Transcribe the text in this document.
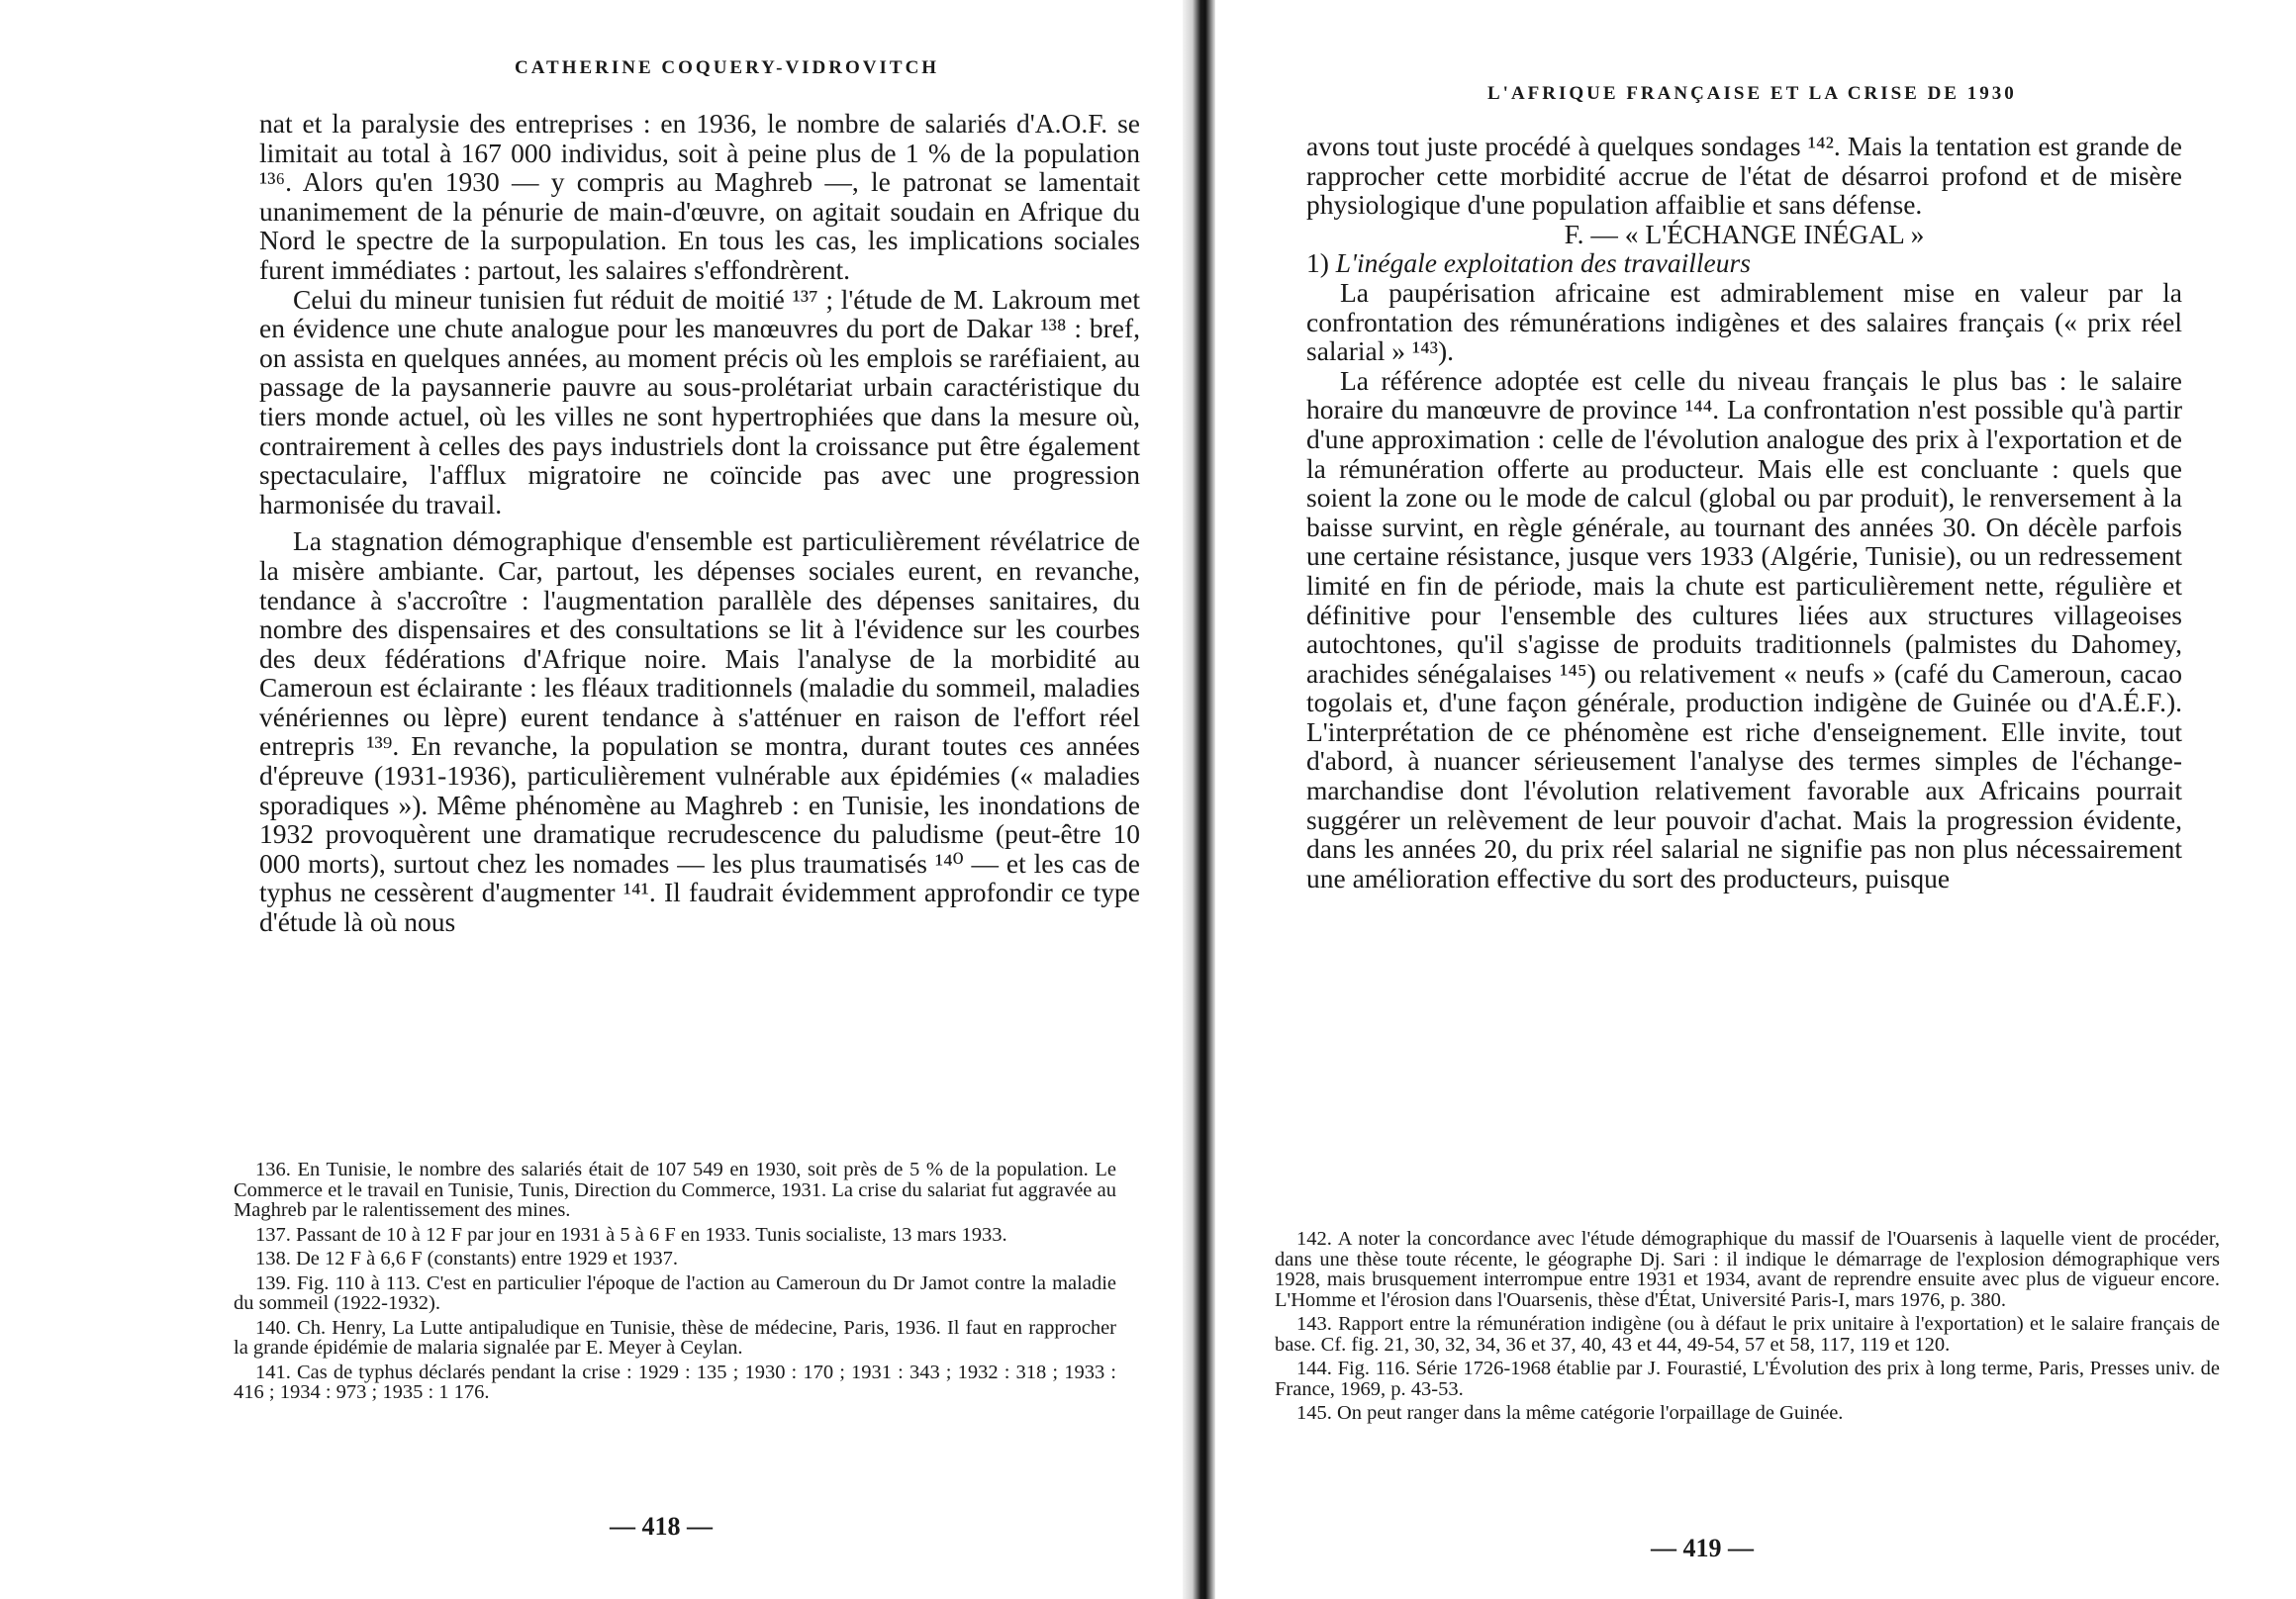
CATHERINE COQUERY-VIDROVITCH

nat et la paralysie des entreprises : en 1936, le nombre de salariés d'A.O.F. se limitait au total à 167 000 individus, soit à peine plus de 1 % de la population ¹³⁶. Alors qu'en 1930 — y compris au Maghreb —, le patronat se lamentait unanimement de la pénurie de main-d'œuvre, on agitait soudain en Afrique du Nord le spectre de la surpopulation. En tous les cas, les implications sociales furent immédiates : partout, les salaires s'effondrèrent.

Celui du mineur tunisien fut réduit de moitié ¹³⁷ ; l'étude de M. Lakroum met en évidence une chute analogue pour les manœuvres du port de Dakar ¹³⁸ : bref, on assista en quelques années, au moment précis où les emplois se raréfiaient, au passage de la paysannerie pauvre au sous-prolétariat urbain caractéristique du tiers monde actuel, où les villes ne sont hypertrophiées que dans la mesure où, contrairement à celles des pays industriels dont la croissance put être également spectaculaire, l'afflux migratoire ne coïncide pas avec une progression harmonisée du travail.

La stagnation démographique d'ensemble est particulièrement révélatrice de la misère ambiante. Car, partout, les dépenses sociales eurent, en revanche, tendance à s'accroître : l'augmentation parallèle des dépenses sanitaires, du nombre des dispensaires et des consultations se lit à l'évidence sur les courbes des deux fédérations d'Afrique noire. Mais l'analyse de la morbidité au Cameroun est éclairante : les fléaux traditionnels (maladie du sommeil, maladies vénériennes ou lèpre) eurent tendance à s'atténuer en raison de l'effort réel entrepris ¹³⁹. En revanche, la population se montra, durant toutes ces années d'épreuve (1931-1936), particulièrement vulnérable aux épidémies (« maladies sporadiques »). Même phénomène au Maghreb : en Tunisie, les inondations de 1932 provoquèrent une dramatique recrudescence du paludisme (peut-être 10 000 morts), surtout chez les nomades — les plus traumatisés ¹⁴⁰ — et les cas de typhus ne cessèrent d'augmenter ¹⁴¹. Il faudrait évidemment approfondir ce type d'étude là où nous

136. En Tunisie, le nombre des salariés était de 107 549 en 1930, soit près de 5 % de la population. Le Commerce et le travail en Tunisie, Tunis, Direction du Commerce, 1931. La crise du salariat fut aggravée au Maghreb par le ralentissement des mines.

137. Passant de 10 à 12 F par jour en 1931 à 5 à 6 F en 1933. Tunis socialiste, 13 mars 1933.

138. De 12 F à 6,6 F (constants) entre 1929 et 1937.

139. Fig. 110 à 113. C'est en particulier l'époque de l'action au Cameroun du Dr Jamot contre la maladie du sommeil (1922-1932).

140. Ch. Henry, La Lutte antipaludique en Tunisie, thèse de médecine, Paris, 1936. Il faut en rapprocher la grande épidémie de malaria signalée par E. Meyer à Ceylan.

141. Cas de typhus déclarés pendant la crise : 1929 : 135 ; 1930 : 170 ; 1931 : 343 ; 1932 : 318 ; 1933 : 416 ; 1934 : 973 ; 1935 : 1 176.

— 418 —
L'AFRIQUE FRANÇAISE ET LA CRISE DE 1930

avons tout juste procédé à quelques sondages ¹⁴². Mais la tentation est grande de rapprocher cette morbidité accrue de l'état de désarroi profond et de misère physiologique d'une population affaiblie et sans défense.

F. — « L'ÉCHANGE INÉGAL »

1) L'inégale exploitation des travailleurs

La paupérisation africaine est admirablement mise en valeur par la confrontation des rémunérations indigènes et des salaires français (« prix réel salarial » ¹⁴³).

La référence adoptée est celle du niveau français le plus bas : le salaire horaire du manœuvre de province ¹⁴⁴. La confrontation n'est possible qu'à partir d'une approximation : celle de l'évolution analogue des prix à l'exportation et de la rémunération offerte au producteur. Mais elle est concluante : quels que soient la zone ou le mode de calcul (global ou par produit), le renversement à la baisse survint, en règle générale, au tournant des années 30. On décèle parfois une certaine résistance, jusque vers 1933 (Algérie, Tunisie), ou un redressement limité en fin de période, mais la chute est particulièrement nette, régulière et définitive pour l'ensemble des cultures liées aux structures villageoises autochtones, qu'il s'agisse de produits traditionnels (palmistes du Dahomey, arachides sénégalaises ¹⁴⁵) ou relativement « neufs » (café du Cameroun, cacao togolais et, d'une façon générale, production indigène de Guinée ou d'A.É.F.). L'interprétation de ce phénomène est riche d'enseignement. Elle invite, tout d'abord, à nuancer sérieusement l'analyse des termes simples de l'échange-marchandise dont l'évolution relativement favorable aux Africains pourrait suggérer un relèvement de leur pouvoir d'achat. Mais la progression évidente, dans les années 20, du prix réel salarial ne signifie pas non plus nécessairement une amélioration effective du sort des producteurs, puisque

142. A noter la concordance avec l'étude démographique du massif de l'Ouarsenis à laquelle vient de procéder, dans une thèse toute récente, le géographe Dj. Sari : il indique le démarrage de l'explosion démographique vers 1928, mais brusquement interrompue entre 1931 et 1934, avant de reprendre ensuite avec plus de vigueur encore. L'Homme et l'érosion dans l'Ouarsenis, thèse d'État, Université Paris-I, mars 1976, p. 380.

143. Rapport entre la rémunération indigène (ou à défaut le prix unitaire à l'exportation) et le salaire français de base. Cf. fig. 21, 30, 32, 34, 36 et 37, 40, 43 et 44, 49-54, 57 et 58, 117, 119 et 120.

144. Fig. 116. Série 1726-1968 établie par J. Fourastié, L'Évolution des prix à long terme, Paris, Presses univ. de France, 1969, p. 43-53.

145. On peut ranger dans la même catégorie l'orpaillage de Guinée.

— 419 —
